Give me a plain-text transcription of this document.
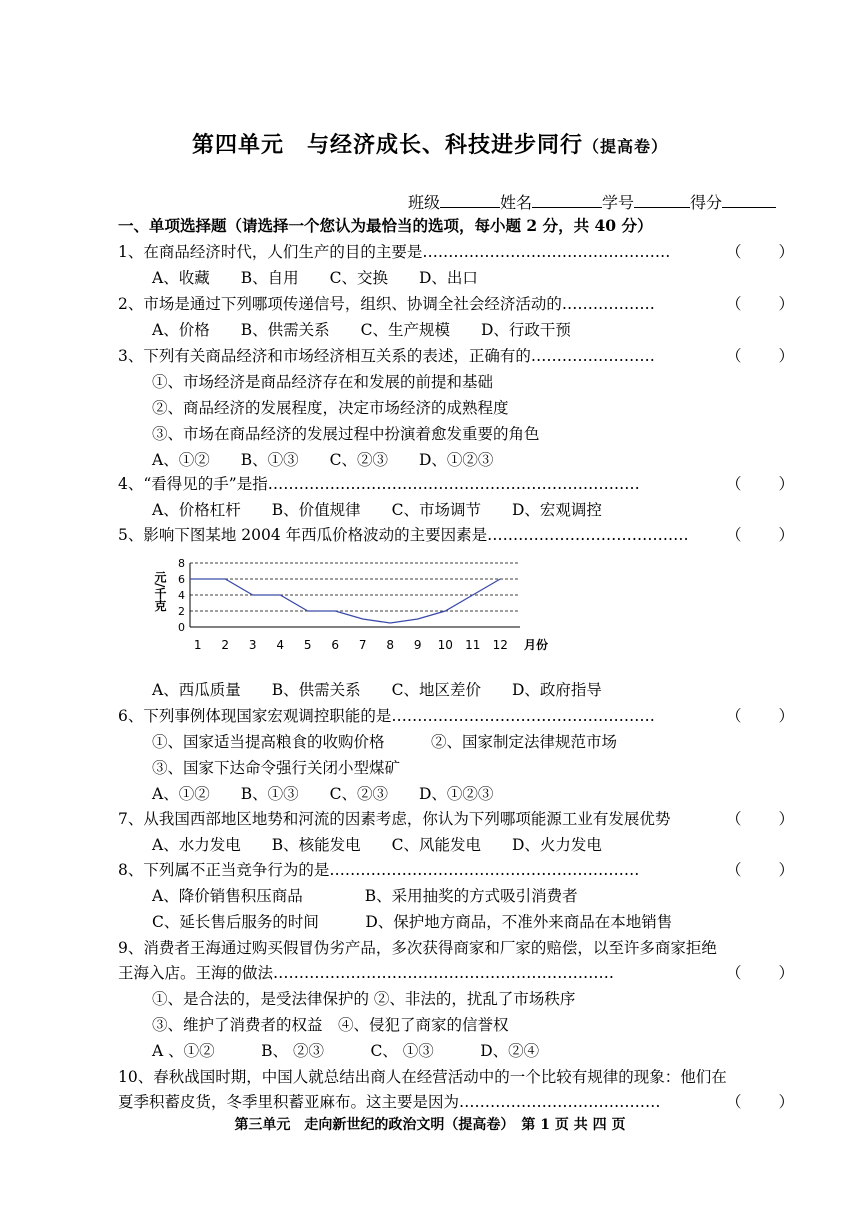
第四单元　与经济成长、科技进步同行（提高卷）
班级	姓名	学号	得分
一、单项选择题（请选择一个您认为最恰当的选项，每小题 2 分，共 40 分）
1、在商品经济时代，人们生产的目的主要是…………………………………………	（ ）
A、收藏　　B、自用　　C、交换　　D、出口
2、市场是通过下列哪项传递信号，组织、协调全社会经济活动的………………	（ ）
A、价格　　B、供需关系　　C、生产规模　　D、行政干预
3、下列有关商品经济和市场经济相互关系的表述，正确有的……………………	（ ）
①、市场经济是商品经济存在和发展的前提和基础
②、商品经济的发展程度，决定市场经济的成熟程度
③、市场在商品经济的发展过程中扮演着愈发重要的角色
A、①②　　B、①③　　C、②③　　D、①②③
4、“看得见的手”是指………………………………………………………………	（ ）
A、价格杠杆　　B、价值规律　　C、市场调节　　D、宏观调控
5、影响下图某地 2004 年西瓜价格波动的主要因素是………………………………… （ ）
0
2
4
6
8
1 2 3 4 5 6 7 8 9 10 11 12
元/千克
月份
A、西瓜质量　　B、供需关系　　C、地区差价　　D、政府指导
6、下列事例体现国家宏观调控职能的是……………………………………………	（ ）
①、国家适当提高粮食的收购价格　　　②、国家制定法律规范市场
③、国家下达命令强行关闭小型煤矿
A、①②　　B、①③　　C、②③　　D、①②③
7、从我国西部地区地势和河流的因素考虑，你认为下列哪项能源工业有发展优势	（ ）
A、水力发电　　B、核能发电　　C、风能发电　　D、火力发电
8、下列属不正当竞争行为的是……………………………………………………	（ ）
A、降价销售积压商品　　　　B、采用抽奖的方式吸引消费者
C、延长售后服务的时间　　　D、保护地方商品，不准外来商品在本地销售
9、消费者王海通过购买假冒伪劣产品，多次获得商家和厂家的赔偿，以至许多商家拒绝
王海入店。王海的做法…………………………………………………………	（ ）
①、是合法的，是受法律保护的 ②、非法的，扰乱了市场秩序
③、维护了消费者的权益　④、侵犯了商家的信誉权
A 、①②　　　B、 ②③　　　C、 ①③　　　D、②④
10、春秋战国时期，中国人就总结出商人在经营活动中的一个比较有规律的现象：他们在
夏季积蓄皮货，冬季里积蓄亚麻布。这主要是因为…………………………………	（ ）
第三单元　走向新世纪的政治文明（提高卷）　第 1 页 共 四 页
